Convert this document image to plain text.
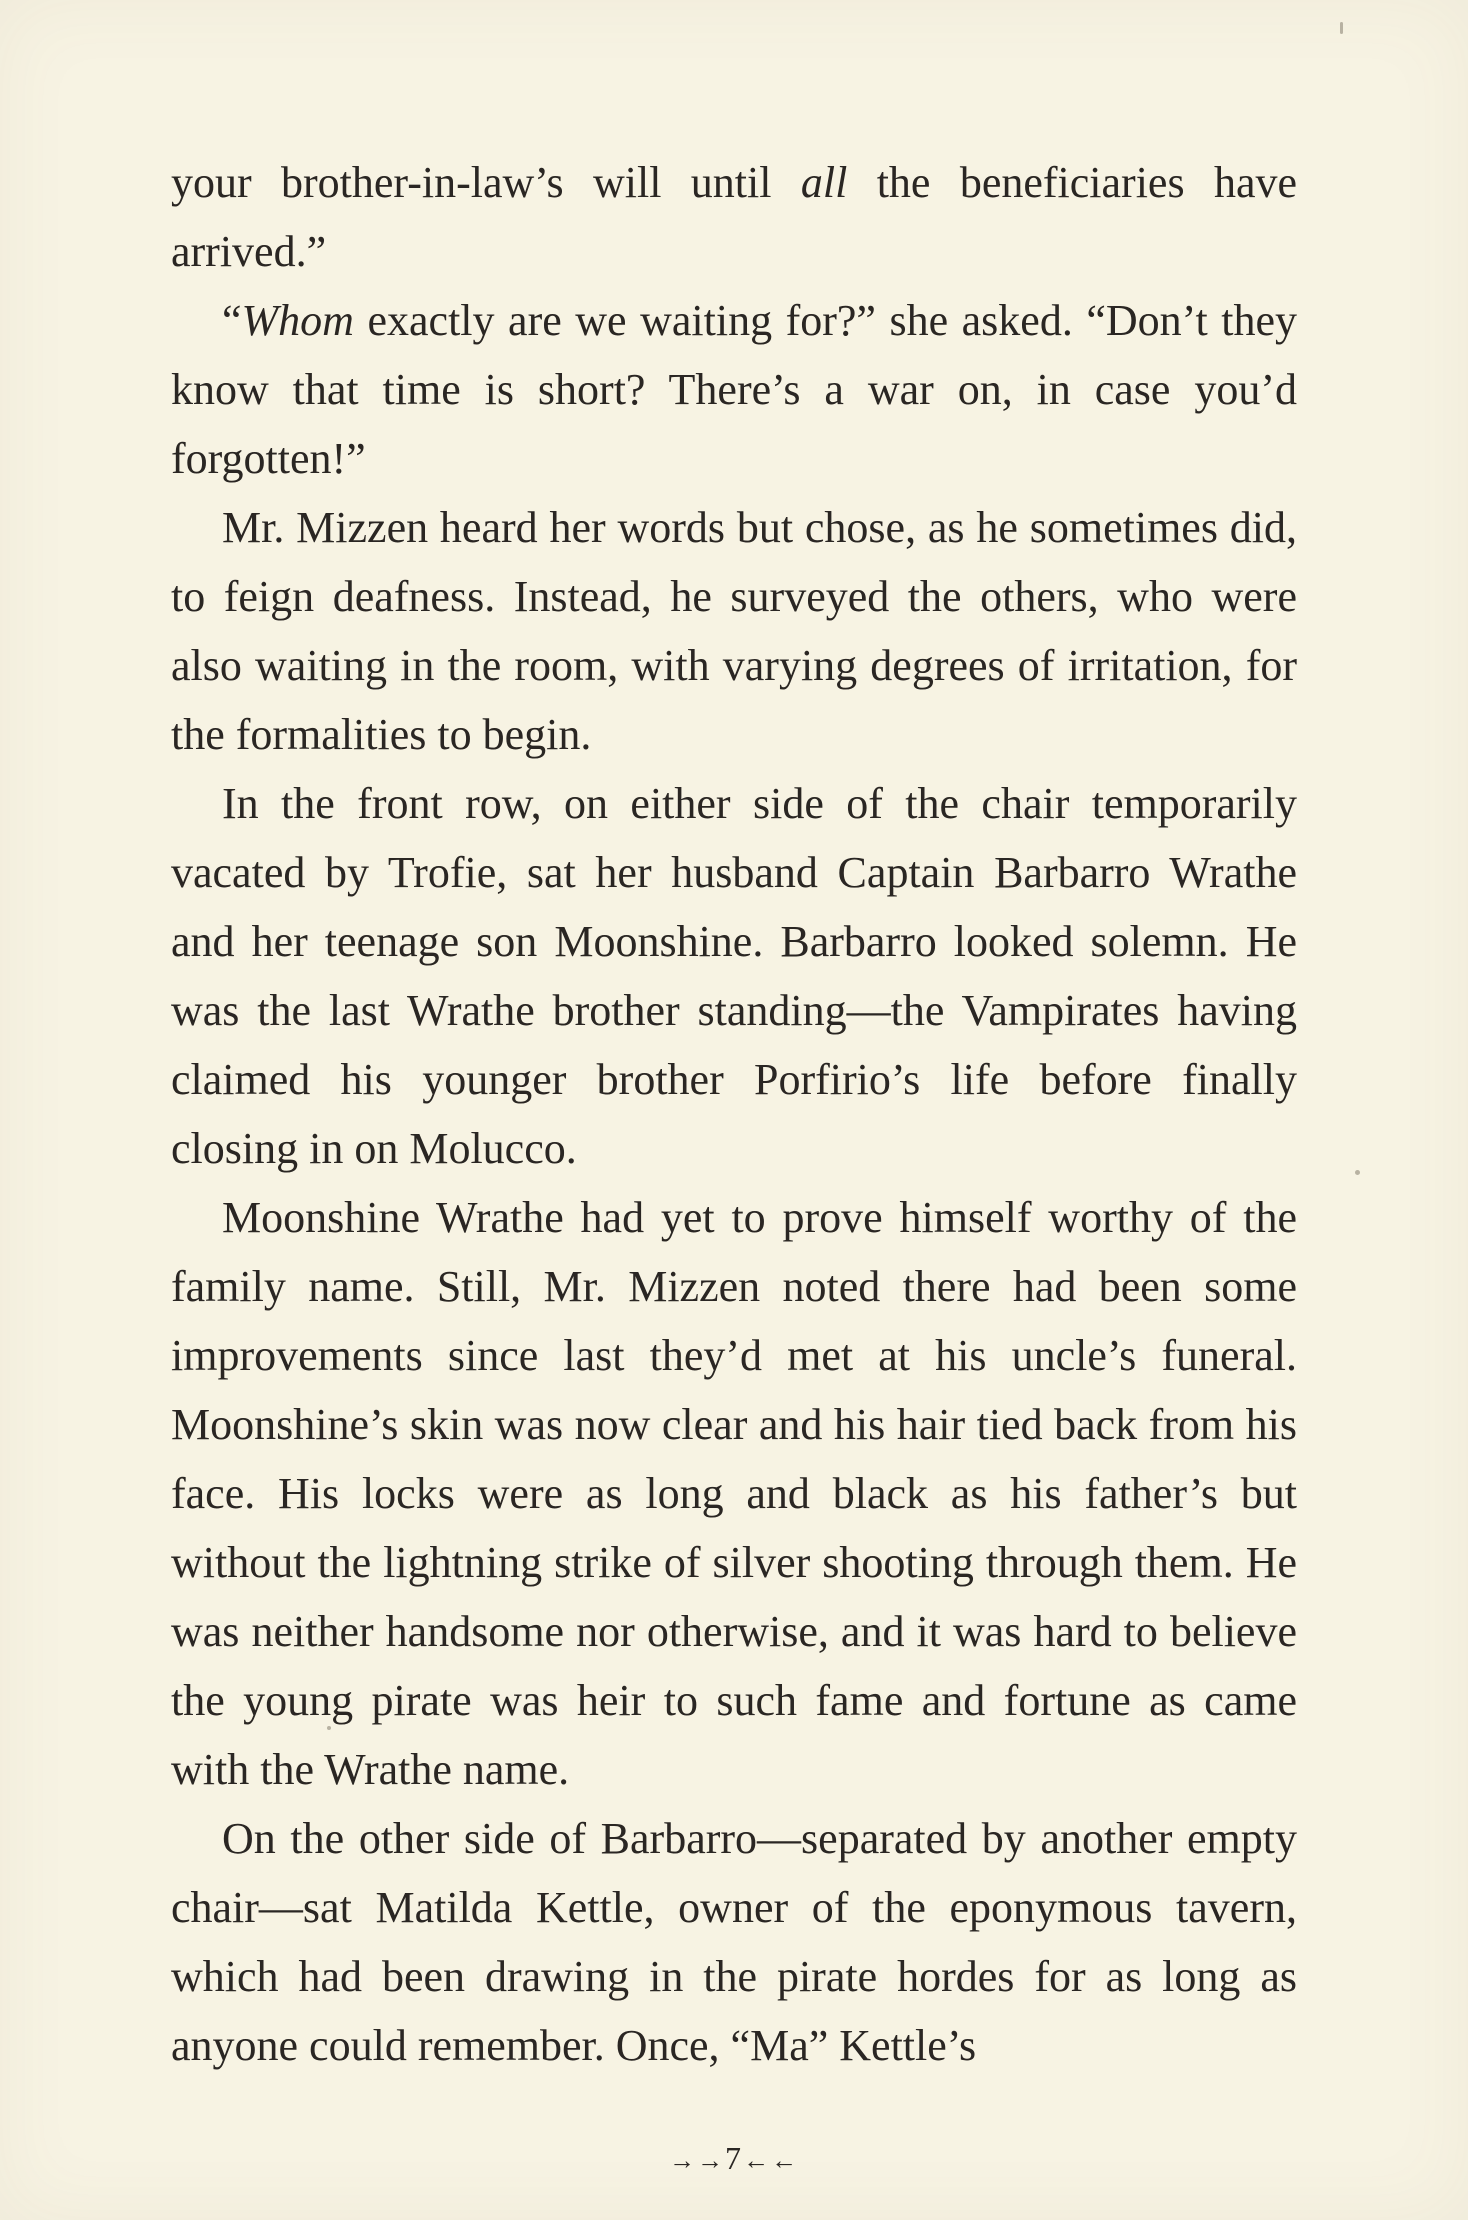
your brother-in-law’s will until all the beneficiaries have arrived.”

“Whom exactly are we waiting for?” she asked. “Don’t they know that time is short? There’s a war on, in case you’d forgotten!”

Mr. Mizzen heard her words but chose, as he sometimes did, to feign deafness. Instead, he surveyed the others, who were also waiting in the room, with varying degrees of irritation, for the formalities to begin.

In the front row, on either side of the chair temporarily vacated by Trofie, sat her husband Captain Barbarro Wrathe and her teenage son Moonshine. Barbarro looked solemn. He was the last Wrathe brother standing—the Vampirates having claimed his younger brother Porfirio’s life before finally closing in on Molucco.

Moonshine Wrathe had yet to prove himself worthy of the family name. Still, Mr. Mizzen noted there had been some improvements since last they’d met at his uncle’s funeral. Moonshine’s skin was now clear and his hair tied back from his face. His locks were as long and black as his father’s but without the lightning strike of silver shooting through them. He was neither handsome nor otherwise, and it was hard to believe the young pirate was heir to such fame and fortune as came with the Wrathe name.

On the other side of Barbarro—separated by another empty chair—sat Matilda Kettle, owner of the eponymous tavern, which had been drawing in the pirate hordes for as long as anyone could remember. Once, “Ma” Kettle’s

→→7←←
